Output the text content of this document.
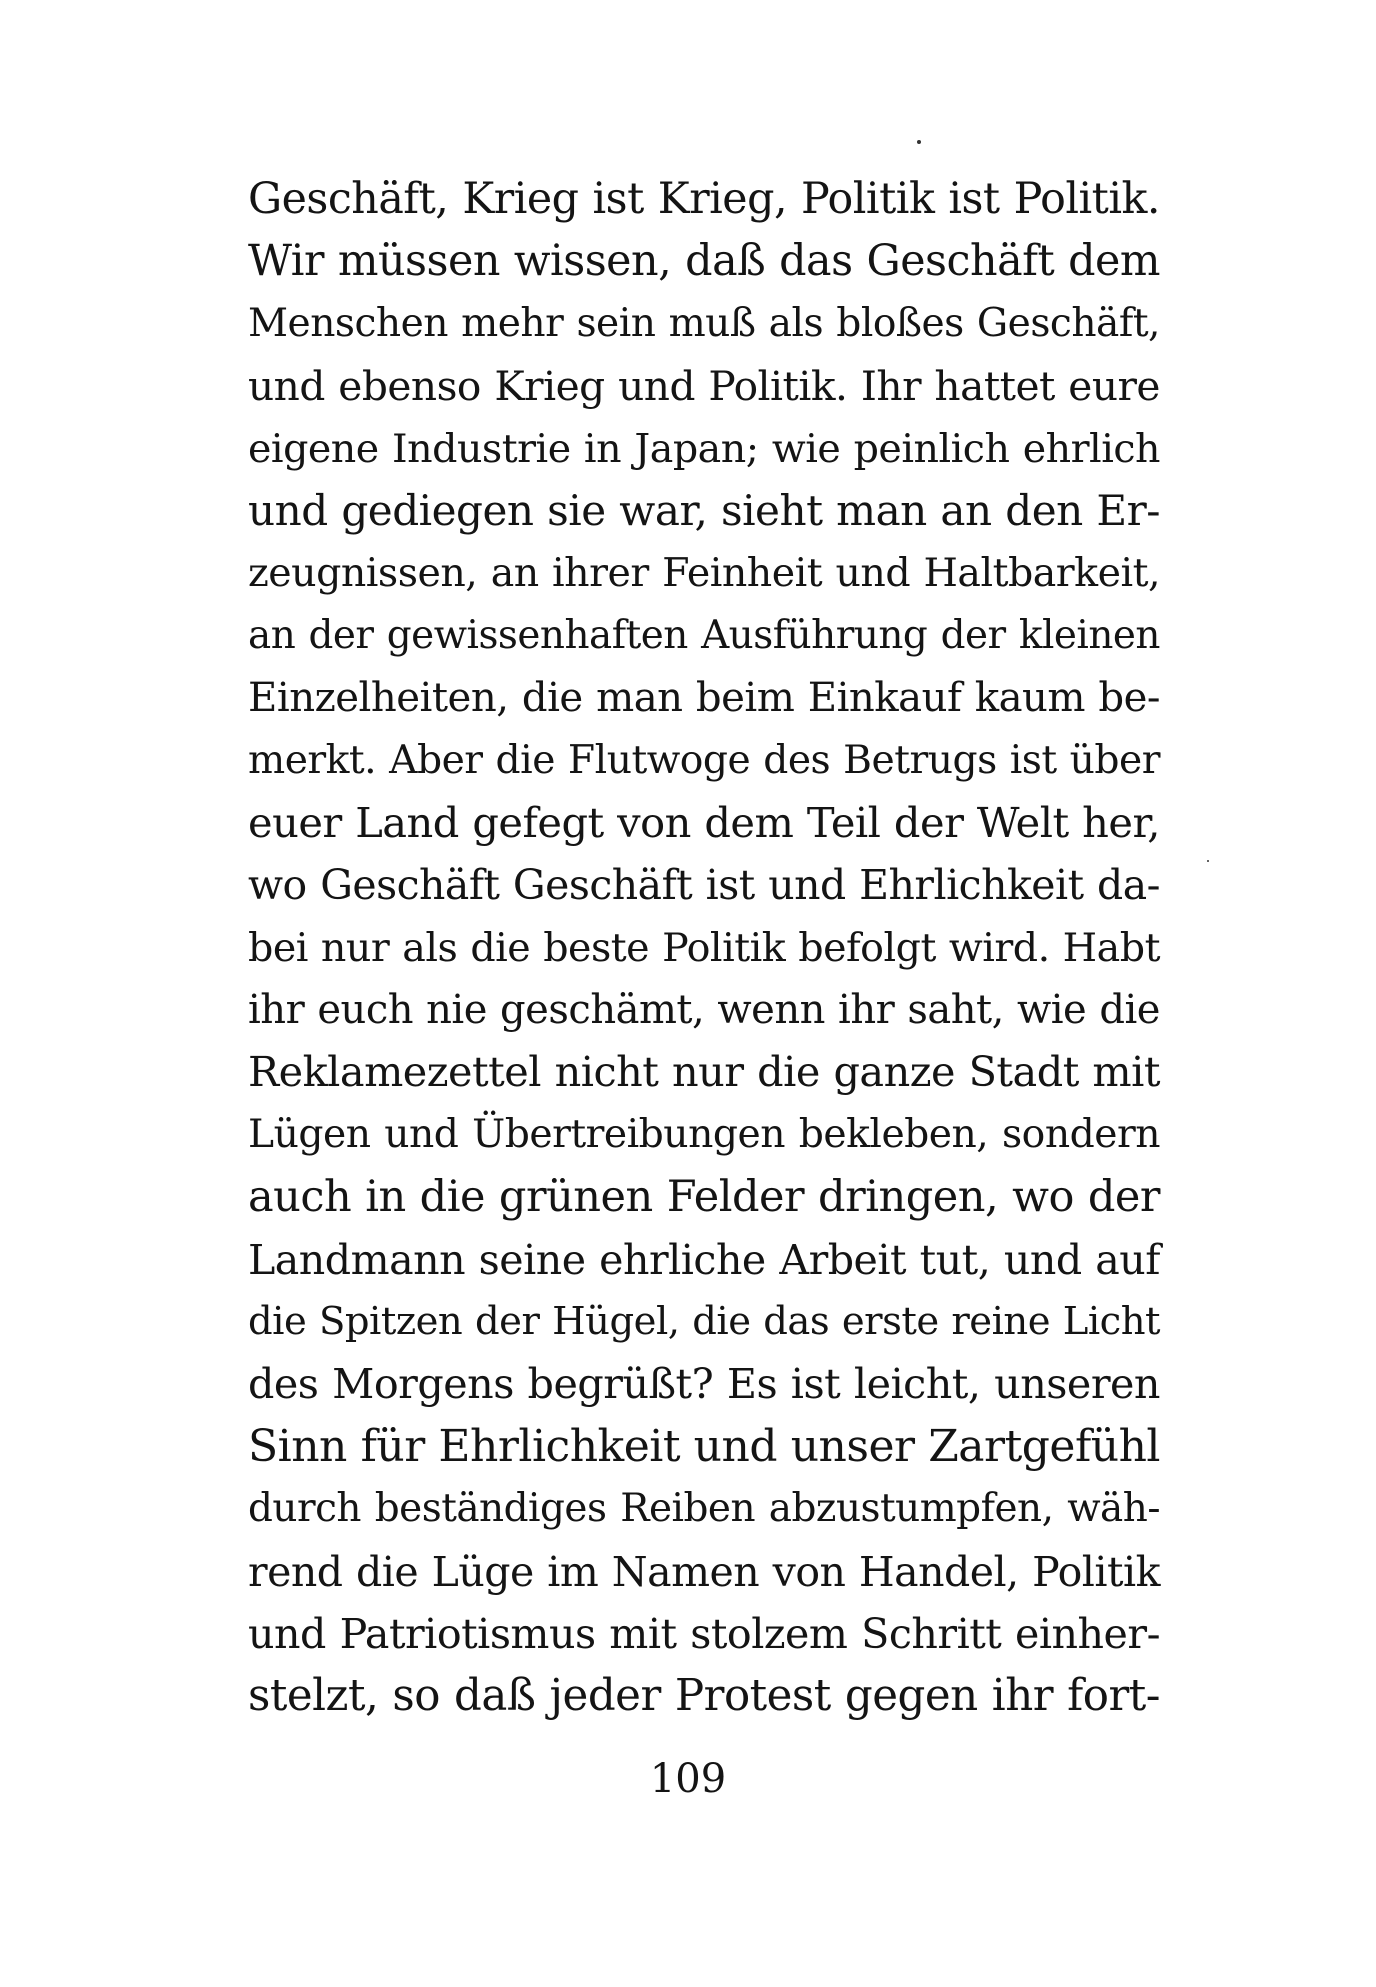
Geschäft, Krieg ist Krieg, Politik ist Politik.
Wir müssen wissen, daß das Geschäft dem
Menschen mehr sein muß als bloßes Geschäft,
und ebenso Krieg und Politik. Ihr hattet eure
eigene Industrie in Japan; wie peinlich ehrlich
und gediegen sie war, sieht man an den Er-
zeugnissen, an ihrer Feinheit und Haltbarkeit,
an der gewissenhaften Ausführung der kleinen
Einzelheiten, die man beim Einkauf kaum be-
merkt. Aber die Flutwoge des Betrugs ist über
euer Land gefegt von dem Teil der Welt her,
wo Geschäft Geschäft ist und Ehrlichkeit da-
bei nur als die beste Politik befolgt wird. Habt
ihr euch nie geschämt, wenn ihr saht, wie die
Reklamezettel nicht nur die ganze Stadt mit
Lügen und Übertreibungen bekleben, sondern
auch in die grünen Felder dringen, wo der
Landmann seine ehrliche Arbeit tut, und auf
die Spitzen der Hügel, die das erste reine Licht
des Morgens begrüßt? Es ist leicht, unseren
Sinn für Ehrlichkeit und unser Zartgefühl
durch beständiges Reiben abzustumpfen, wäh-
rend die Lüge im Namen von Handel, Politik
und Patriotismus mit stolzem Schritt einher-
stelzt, so daß jeder Protest gegen ihr fort-
109
